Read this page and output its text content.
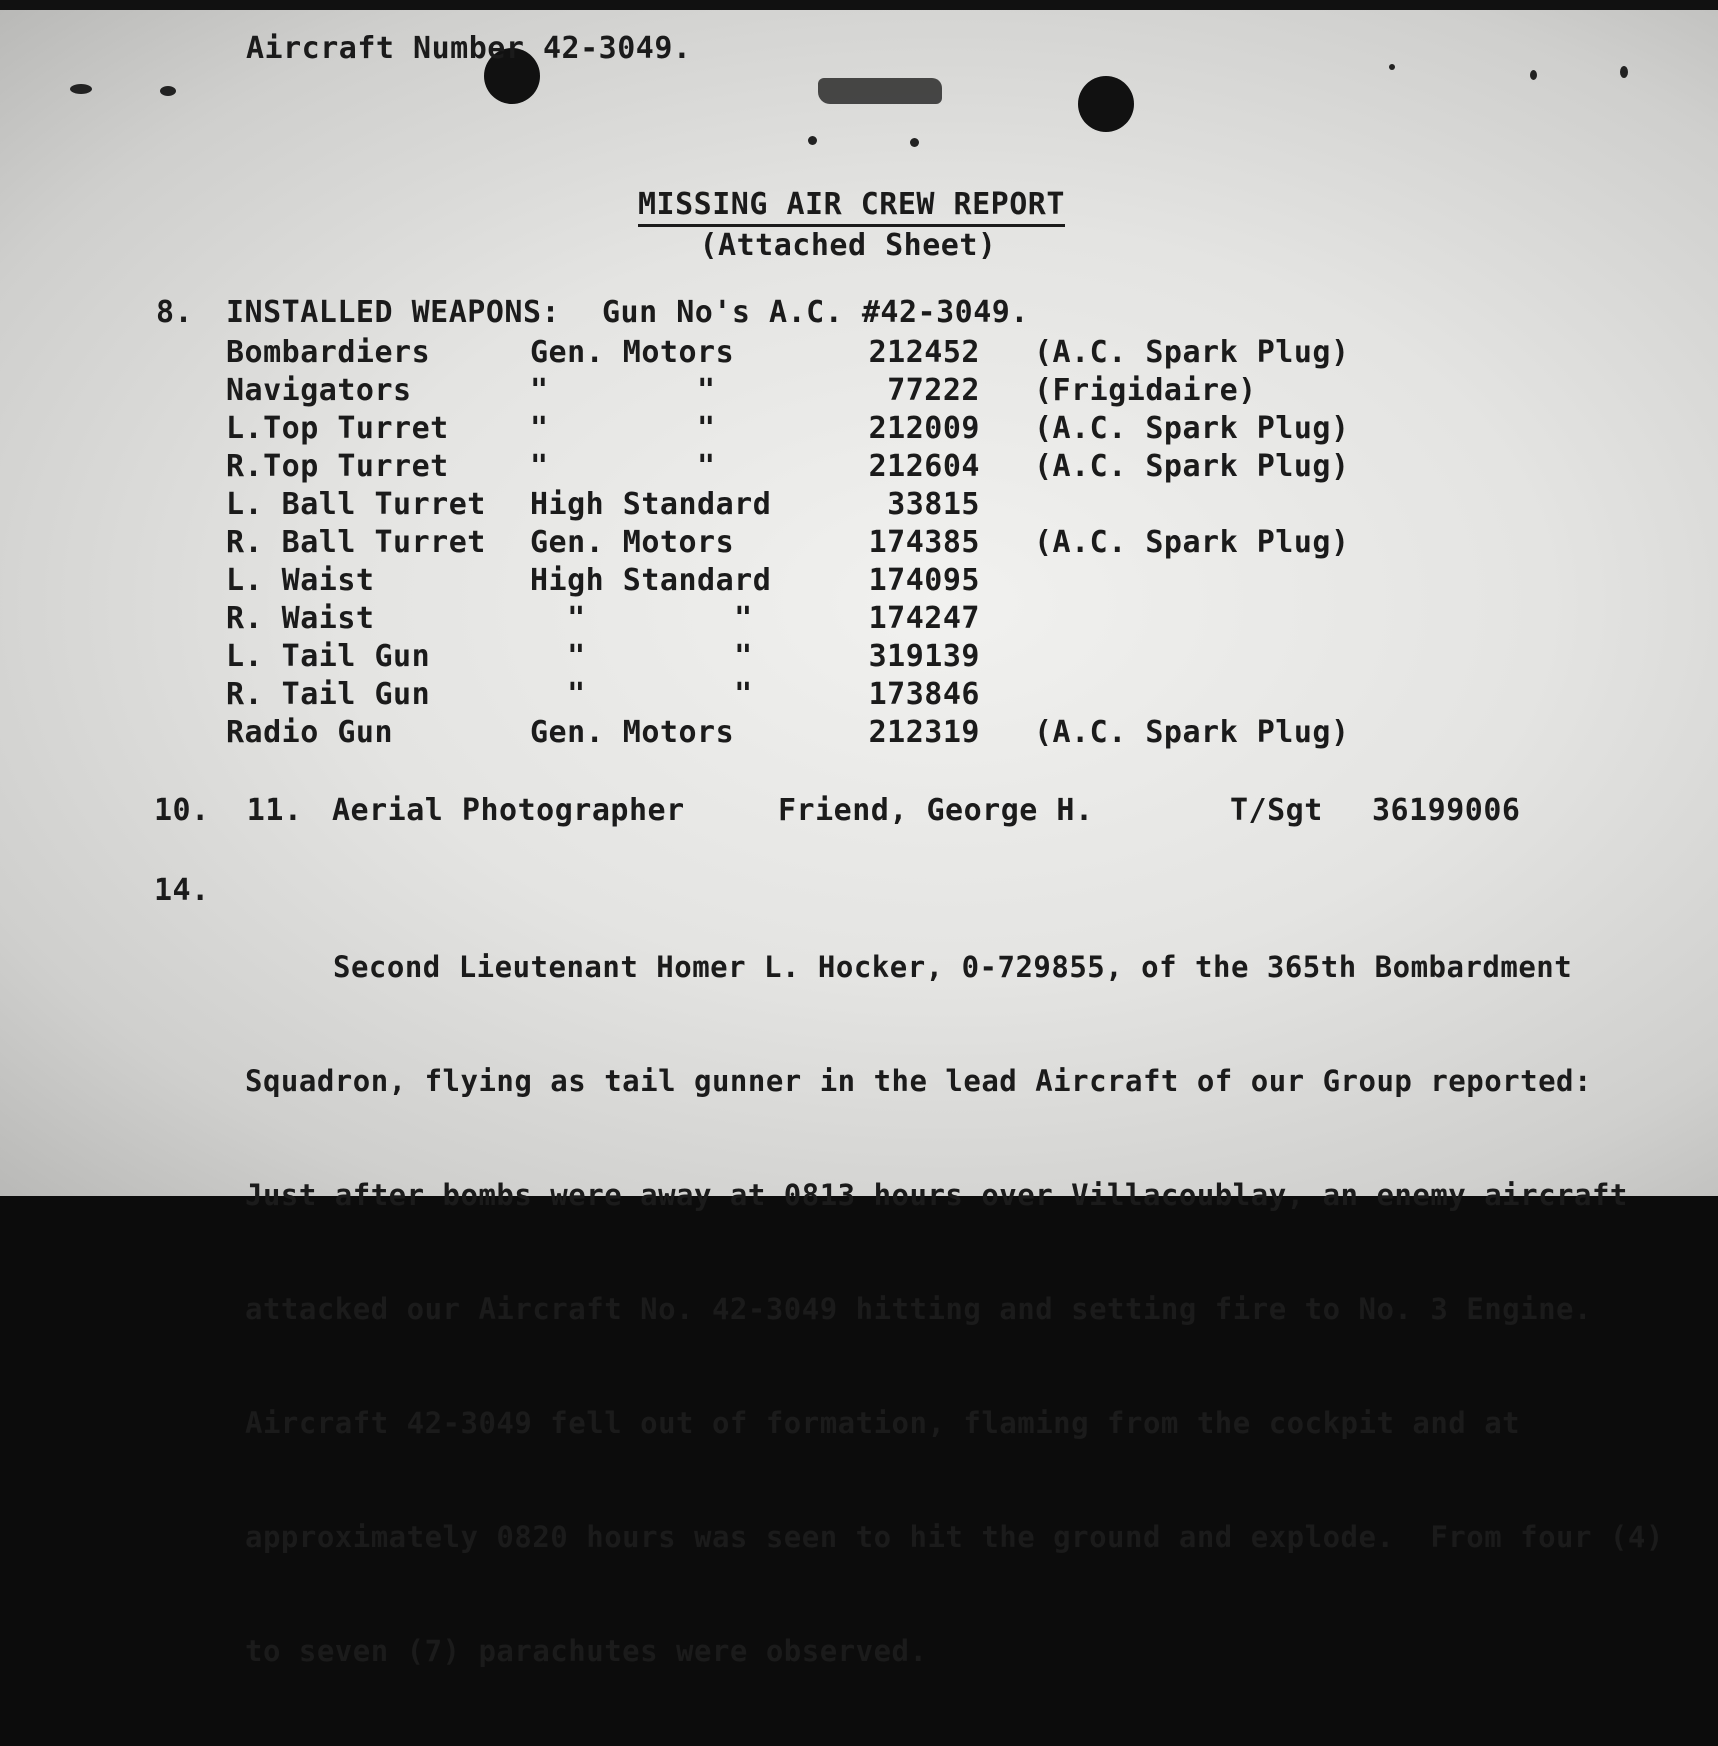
Aircraft Number 42-3049.
MISSING AIR CREW REPORT
(Attached Sheet)
8. INSTALLED WEAPONS: Gun No's A.C. #42-3049.
Bombardiers	Gen. Motors	212452 (A.C. Spark Plug)
Navigators	"        "	77222 (Frigidaire)
L.Top Turret	"        "	212009 (A.C. Spark Plug)
R.Top Turret	"        "	212604 (A.C. Spark Plug)
L. Ball Turret High Standard	33815
R. Ball Turret Gen. Motors	174385 (A.C. Spark Plug)
L. Waist	High Standard	174095
R. Waist	"        "	174247
L. Tail Gun	"        "	319139
R. Tail Gun	"        "	173846
Radio Gun	Gen. Motors	212319 (A.C. Spark Plug)
10.  11. Aerial Photographer	Friend, George H.	T/Sgt 36199006
14.

Second Lieutenant Homer L. Hocker, 0-729855, of the 365th Bombardment

Squadron, flying as tail gunner in the lead Aircraft of our Group reported:

Just after bombs were away at 0813 hours over Villacoublay, an enemy aircraft

attacked our Aircraft No. 42-3049 hitting and setting fire to No. 3 Engine.

Aircraft 42-3049 fell out of formation, flaming from the cockpit and at

approximately 0820 hours was seen to hit the ground and explode.  From four (4)

to seven (7) parachutes were observed.
